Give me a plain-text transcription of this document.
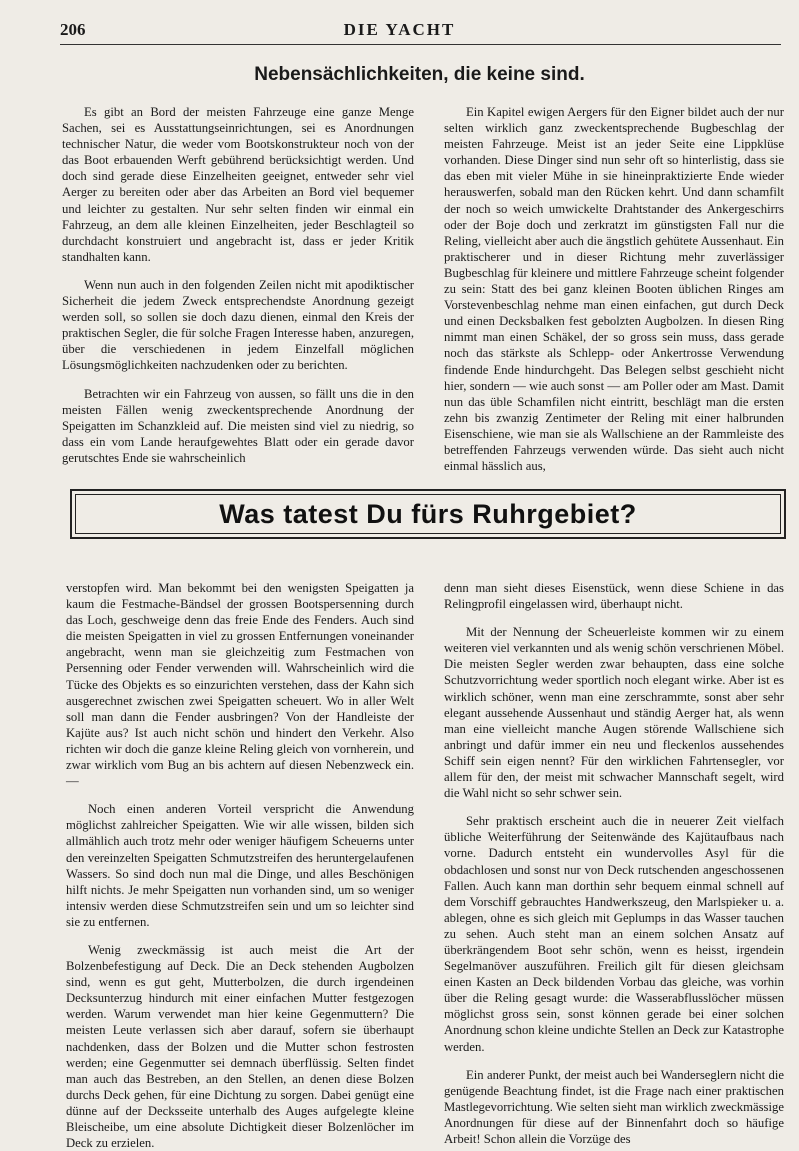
206	DIE YACHT
Nebensächlichkeiten, die keine sind.

Es gibt an Bord der meisten Fahrzeuge eine ganze Menge Sachen, sei es Ausstattungseinrichtungen, sei es Anordnungen technischer Natur, die weder vom Bootskonstrukteur noch von der das Boot erbauenden Werft gebührend berücksichtigt werden. Und doch sind gerade diese Einzelheiten geeignet, entweder sehr viel Aerger zu bereiten oder aber das Arbeiten an Bord viel bequemer und leichter zu gestalten. Nur sehr selten finden wir einmal ein Fahrzeug, an dem alle kleinen Einzelheiten, jeder Beschlagteil so durchdacht konstruiert und angebracht ist, dass er jeder Kritik standhalten kann.

Wenn nun auch in den folgenden Zeilen nicht mit apodiktischer Sicherheit die jedem Zweck entsprechendste Anordnung gezeigt werden soll, so sollen sie doch dazu dienen, einmal den Kreis der praktischen Segler, die für solche Fragen Interesse haben, anzuregen, über die verschiedenen in jedem Einzelfall möglichen Lösungsmöglichkeiten nachzudenken oder zu berichten.

Betrachten wir ein Fahrzeug von aussen, so fällt uns die in den meisten Fällen wenig zweckentsprechende Anordnung der Speigatten im Schanzkleid auf. Die meisten sind viel zu niedrig, so dass ein vom Lande heraufgewehtes Blatt oder ein gerade davor gerutschtes Ende sie wahrscheinlich

Ein Kapitel ewigen Aergers für den Eigner bildet auch der nur selten wirklich ganz zweckentsprechende Bugbeschlag der meisten Fahrzeuge. Meist ist an jeder Seite eine Lippklüse vorhanden. Diese Dinger sind nun sehr oft so hinterlistig, dass sie das eben mit vieler Mühe in sie hineinpraktizierte Ende wieder herauswerfen, sobald man den Rücken kehrt. Und dann schamfilt der noch so weich umwickelte Drahtstander des Ankergeschirrs oder der Boje doch und zerkratzt im günstigsten Fall nur die Reling, vielleicht aber auch die ängstlich gehütete Aussenhaut. Ein praktischerer und in dieser Richtung mehr zuverlässiger Bugbeschlag für kleinere und mittlere Fahrzeuge scheint folgender zu sein: Statt des bei ganz kleinen Booten üblichen Ringes am Vorstevenbeschlag nehme man einen einfachen, gut durch Deck und einen Decksbalken fest gebolzten Augbolzen. In diesen Ring nimmt man einen Schäkel, der so gross sein muss, dass gerade noch das stärkste als Schlepp- oder Ankertrosse Verwendung findende Ende hindurchgeht. Das Belegen selbst geschieht nicht hier, sondern — wie auch sonst — am Poller oder am Mast. Damit nun das üble Schamfilen nicht eintritt, beschlägt man die ersten zehn bis zwanzig Zentimeter der Reling mit einer halbrunden Eisenschiene, wie man sie als Wallschiene an der Rammleiste des betreffenden Fahrzeugs verwenden würde. Das sieht auch nicht einmal hässlich aus,

Was tatest Du fürs Ruhrgebiet?

verstopfen wird. Man bekommt bei den wenigsten Speigatten ja kaum die Festmache-Bändsel der grossen Bootspersenning durch das Loch, geschweige denn das freie Ende des Fenders. Auch sind die meisten Speigatten in viel zu grossen Entfernungen voneinander angebracht, wenn man sie gleichzeitig zum Festmachen von Persenning oder Fender verwenden will. Wahrscheinlich wird die Tücke des Objekts es so einzurichten verstehen, dass der Kahn sich ausgerechnet zwischen zwei Speigatten scheuert. Wo in aller Welt soll man dann die Fender ausbringen? Von der Handleiste der Kajüte aus? Ist auch nicht schön und hindert den Verkehr. Also richten wir doch die ganze kleine Reling gleich von vornherein, und zwar wirklich vom Bug an bis achtern auf diesen Nebenzweck ein. —

Noch einen anderen Vorteil verspricht die Anwendung möglichst zahlreicher Speigatten. Wie wir alle wissen, bilden sich allmählich auch trotz mehr oder weniger häufigem Scheuerns unter den vereinzelten Speigatten Schmutzstreifen des heruntergelaufenen Wassers. So sind doch nun mal die Dinge, und alles Beschönigen hilft nichts. Je mehr Speigatten nun vorhanden sind, um so weniger intensiv werden diese Schmutzstreifen sein und um so leichter sind sie zu entfernen.

Wenig zweckmässig ist auch meist die Art der Bolzenbefestigung auf Deck. Die an Deck stehenden Augbolzen sind, wenn es gut geht, Mutterbolzen, die durch irgendeinen Decksunterzug hindurch mit einer einfachen Mutter festgezogen werden. Warum verwendet man hier keine Gegenmuttern? Die meisten Leute verlassen sich aber darauf, sofern sie überhaupt nachdenken, dass der Bolzen und die Mutter schon festrosten werden; eine Gegenmutter sei demnach überflüssig. Selten findet man auch das Bestreben, an den Stellen, an denen diese Bolzen durchs Deck gehen, für eine Dichtung zu sorgen. Dabei genügt eine dünne auf der Decksseite unterhalb des Auges aufgelegte kleine Bleischeibe, um eine absolute Dichtigkeit dieser Bolzenlöcher im Deck zu erzielen.

denn man sieht dieses Eisenstück, wenn diese Schiene in das Relingprofil eingelassen wird, überhaupt nicht.

Mit der Nennung der Scheuerleiste kommen wir zu einem weiteren viel verkannten und als wenig schön verschrienen Möbel. Die meisten Segler werden zwar behaupten, dass eine solche Schutzvorrichtung weder sportlich noch elegant wirke. Aber ist es wirklich schöner, wenn man eine zerschrammte, sonst aber sehr elegant aussehende Aussenhaut und ständig Aerger hat, als wenn man eine vielleicht manche Augen störende Wallschiene sich anbringt und dafür immer ein neu und fleckenlos aussehendes Schiff sein eigen nennt? Für den wirklichen Fahrtensegler, vor allem für den, der meist mit schwacher Mannschaft segelt, wird die Wahl nicht so sehr schwer sein.

Sehr praktisch erscheint auch die in neuerer Zeit vielfach übliche Weiterführung der Seitenwände des Kajütaufbaus nach vorne. Dadurch entsteht ein wundervolles Asyl für die obdachlosen und sonst nur von Deck rutschenden angeschossenen Fallen. Auch kann man dorthin sehr bequem einmal schnell auf dem Vorschiff gebrauchtes Handwerkszeug, den Marlspieker u. a. ablegen, ohne es sich gleich mit Geplumps in das Wasser tauchen zu sehen. Auch steht man an einem solchen Ansatz auf überkrängendem Boot sehr schön, wenn es heisst, irgendein Segelmanöver auszuführen. Freilich gilt für diesen gleichsam einen Kasten an Deck bildenden Vorbau das gleiche, was vorhin über die Reling gesagt wurde: die Wasserabflusslöcher müssen möglichst gross sein, sonst können gerade bei einer solchen Anordnung schon kleine undichte Stellen an Deck zur Katastrophe werden.

Ein anderer Punkt, der meist auch bei Wanderseglern nicht die genügende Beachtung findet, ist die Frage nach einer praktischen Mastlegevorrichtung. Wie selten sieht man wirklich zweckmässige Anordnungen für diese auf der Binnenfahrt doch so häufige Arbeit! Schon allein die Vorzüge des
